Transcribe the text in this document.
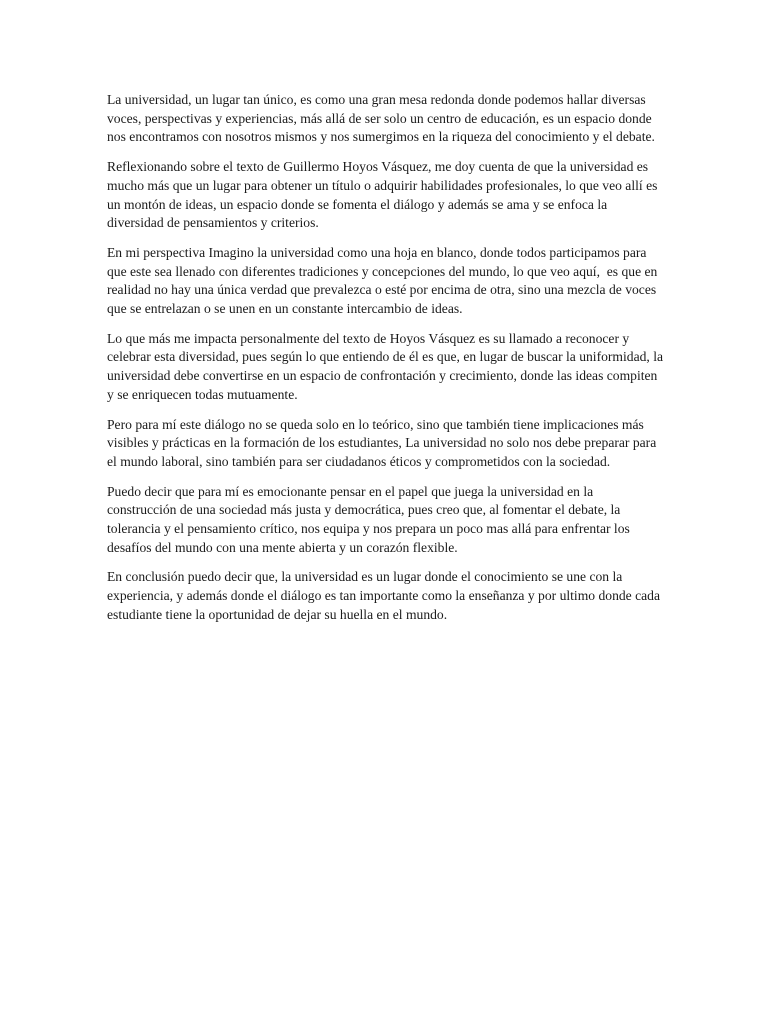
La universidad, un lugar tan único, es como una gran mesa redonda donde podemos hallar diversas voces, perspectivas y experiencias, más allá de ser solo un centro de educación, es un espacio donde nos encontramos con nosotros mismos y nos sumergimos en la riqueza del conocimiento y el debate.

Reflexionando sobre el texto de Guillermo Hoyos Vásquez, me doy cuenta de que la universidad es mucho más que un lugar para obtener un título o adquirir habilidades profesionales, lo que veo allí es un montón de ideas, un espacio donde se fomenta el diálogo y además se ama y se enfoca la diversidad de pensamientos y criterios.

En mi perspectiva Imagino la universidad como una hoja en blanco, donde todos participamos para que este sea llenado con diferentes tradiciones y concepciones del mundo, lo que veo aquí,  es que en realidad no hay una única verdad que prevalezca o esté por encima de otra, sino una mezcla de voces que se entrelazan o se unen en un constante intercambio de ideas.

Lo que más me impacta personalmente del texto de Hoyos Vásquez es su llamado a reconocer y celebrar esta diversidad, pues según lo que entiendo de él es que, en lugar de buscar la uniformidad, la universidad debe convertirse en un espacio de confrontación y crecimiento, donde las ideas compiten y se enriquecen todas mutuamente.

Pero para mí este diálogo no se queda solo en lo teórico, sino que también tiene implicaciones más visibles y prácticas en la formación de los estudiantes, La universidad no solo nos debe preparar para el mundo laboral, sino también para ser ciudadanos éticos y comprometidos con la sociedad.

Puedo decir que para mí es emocionante pensar en el papel que juega la universidad en la construcción de una sociedad más justa y democrática, pues creo que, al fomentar el debate, la tolerancia y el pensamiento crítico, nos equipa y nos prepara un poco mas allá para enfrentar los desafíos del mundo con una mente abierta y un corazón flexible.

En conclusión puedo decir que, la universidad es un lugar donde el conocimiento se une con la experiencia, y además donde el diálogo es tan importante como la enseñanza y por ultimo donde cada estudiante tiene la oportunidad de dejar su huella en el mundo.
